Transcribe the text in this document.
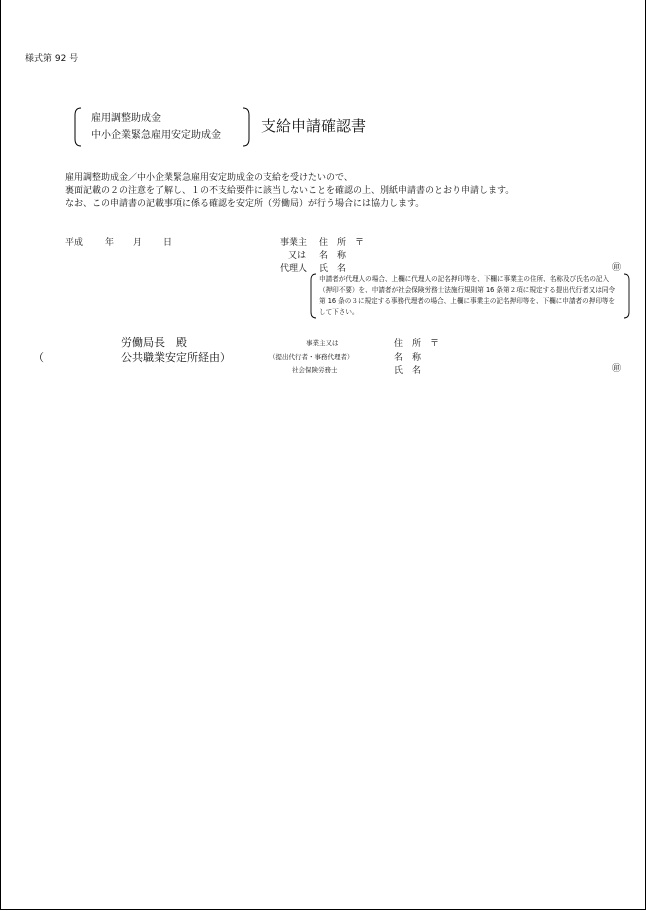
様式第 92 号
雇用調整助成金
中小企業緊急雇用安定助成金
支給申請確認書
雇用調整助成金／中小企業緊急雇用安定助成金の支給を受けたいので、
裏面記載の２の注意を了解し、１の不支給要件に該当しないことを確認の上、別紙申請書のとおり申請します。
なお、この申請書の記載事項に係る確認を安定所（労働局）が行う場合には協力します。
平成 年 月 日	事業主
又は
代理人
住　所　〒
名　称
氏　名	㊞
申請者が代理人の場合、上欄に代理人の記名押印等を、下欄に事業主の住所、名称及び氏名の記入（押印不要）を、申請者が社会保険労務士法施行規則第 16 条第２項に規定する提出代行者又は同令第 16 条の３に規定する事務代理者の場合、上欄に事業主の記名押印等を、下欄に申請者の押印等をして下さい。
労働局長　殿
（	公共職業安定所経由）
事業主又は
（提出代行者・事務代理者）
社会保険労務士
住　所　〒
名　称
氏　名	㊞
